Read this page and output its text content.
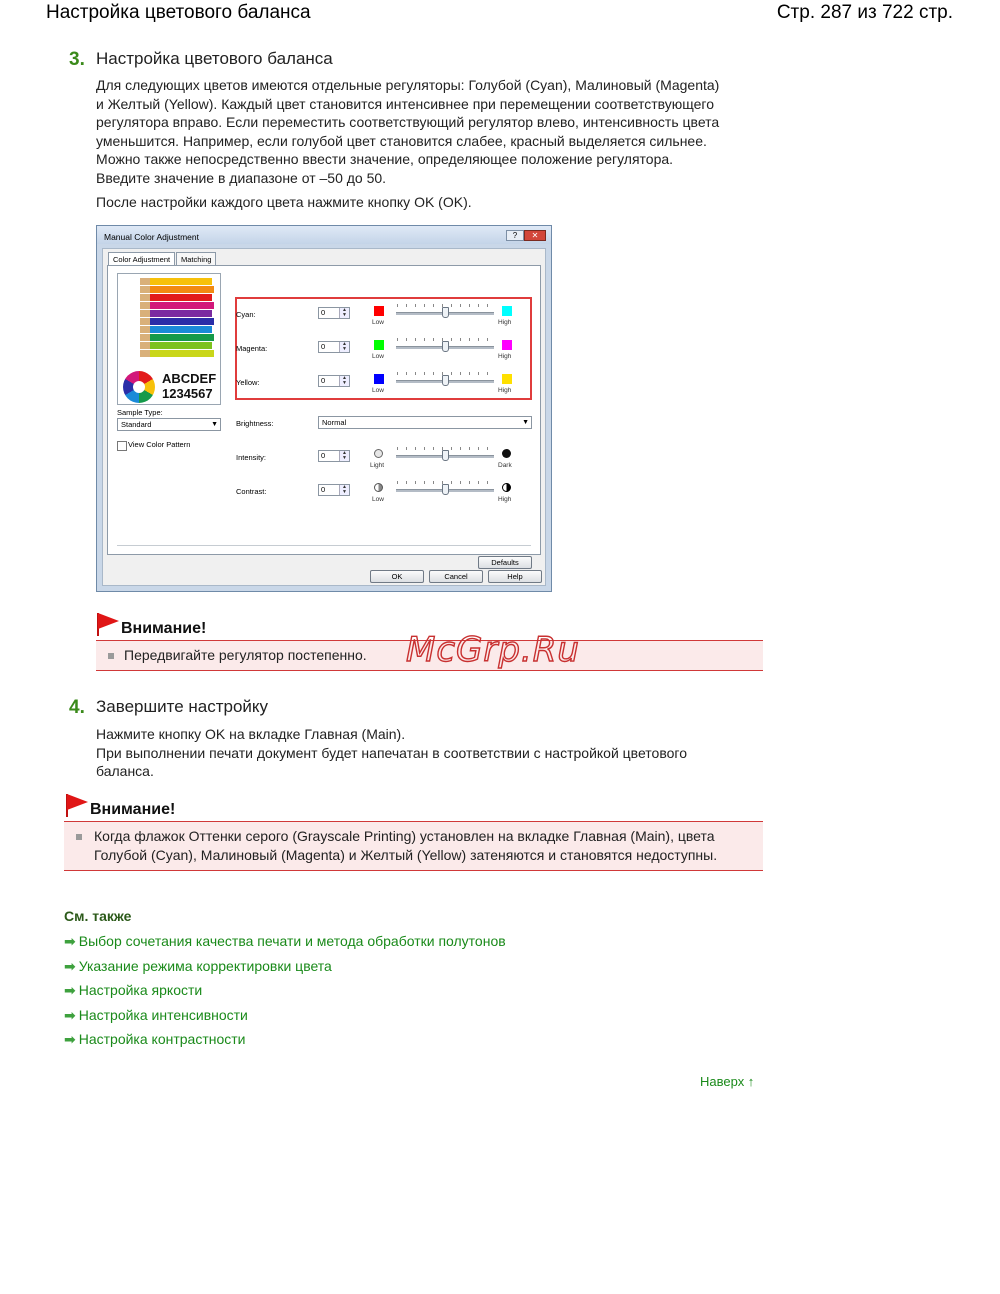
Настройка цветового баланса	Стр. 287 из 722 стр.
3. Настройка цветового баланса
Для следующих цветов имеются отдельные регуляторы: Голубой (Cyan), Малиновый (Magenta)
и Желтый (Yellow). Каждый цвет становится интенсивнее при перемещении соответствующего
регулятора вправо. Если переместить соответствующий регулятор влево, интенсивность цвета
уменьшится. Например, если голубой цвет становится слабее, красный выделяется сильнее.
Можно также непосредственно ввести значение, определяющее положение регулятора.
Введите значение в диапазоне от –50 до 50.
После настройки каждого цвета нажмите кнопку OK (OK).
Manual Color Adjustment	?	✕
Color Adjustment	Matching
ABCDEF
1234567
Sample Type:
Standard	▼
View Color Pattern
Cyan:	0	▲
▼
Low	High
Magenta:	0	▲
▼
Low	High
Yellow:	0	▲
▼
Low	High
Brightness:	Normal	▼
Intensity:	0	▲
▼
Light	Dark
Contrast:	0	▲
▼
Low	High
Defaults
OK	Cancel	Help
Внимание!
Передвигайте регулятор постепенно. McGrp.Ru
4. Завершите настройку
Нажмите кнопку OK на вкладке Главная (Main).
При выполнении печати документ будет напечатан в соответствии с настройкой цветового
баланса.
Внимание!
Когда флажок Оттенки серого (Grayscale Printing) установлен на вкладке Главная (Main), цвета
Голубой (Cyan), Малиновый (Magenta) и Желтый (Yellow) затеняются и становятся недоступны.
См. также
➡ Выбор сочетания качества печати и метода обработки полутонов
➡ Указание режима корректировки цвета
➡ Настройка яркости
➡ Настройка интенсивности
➡ Настройка контрастности
Наверх ↑
